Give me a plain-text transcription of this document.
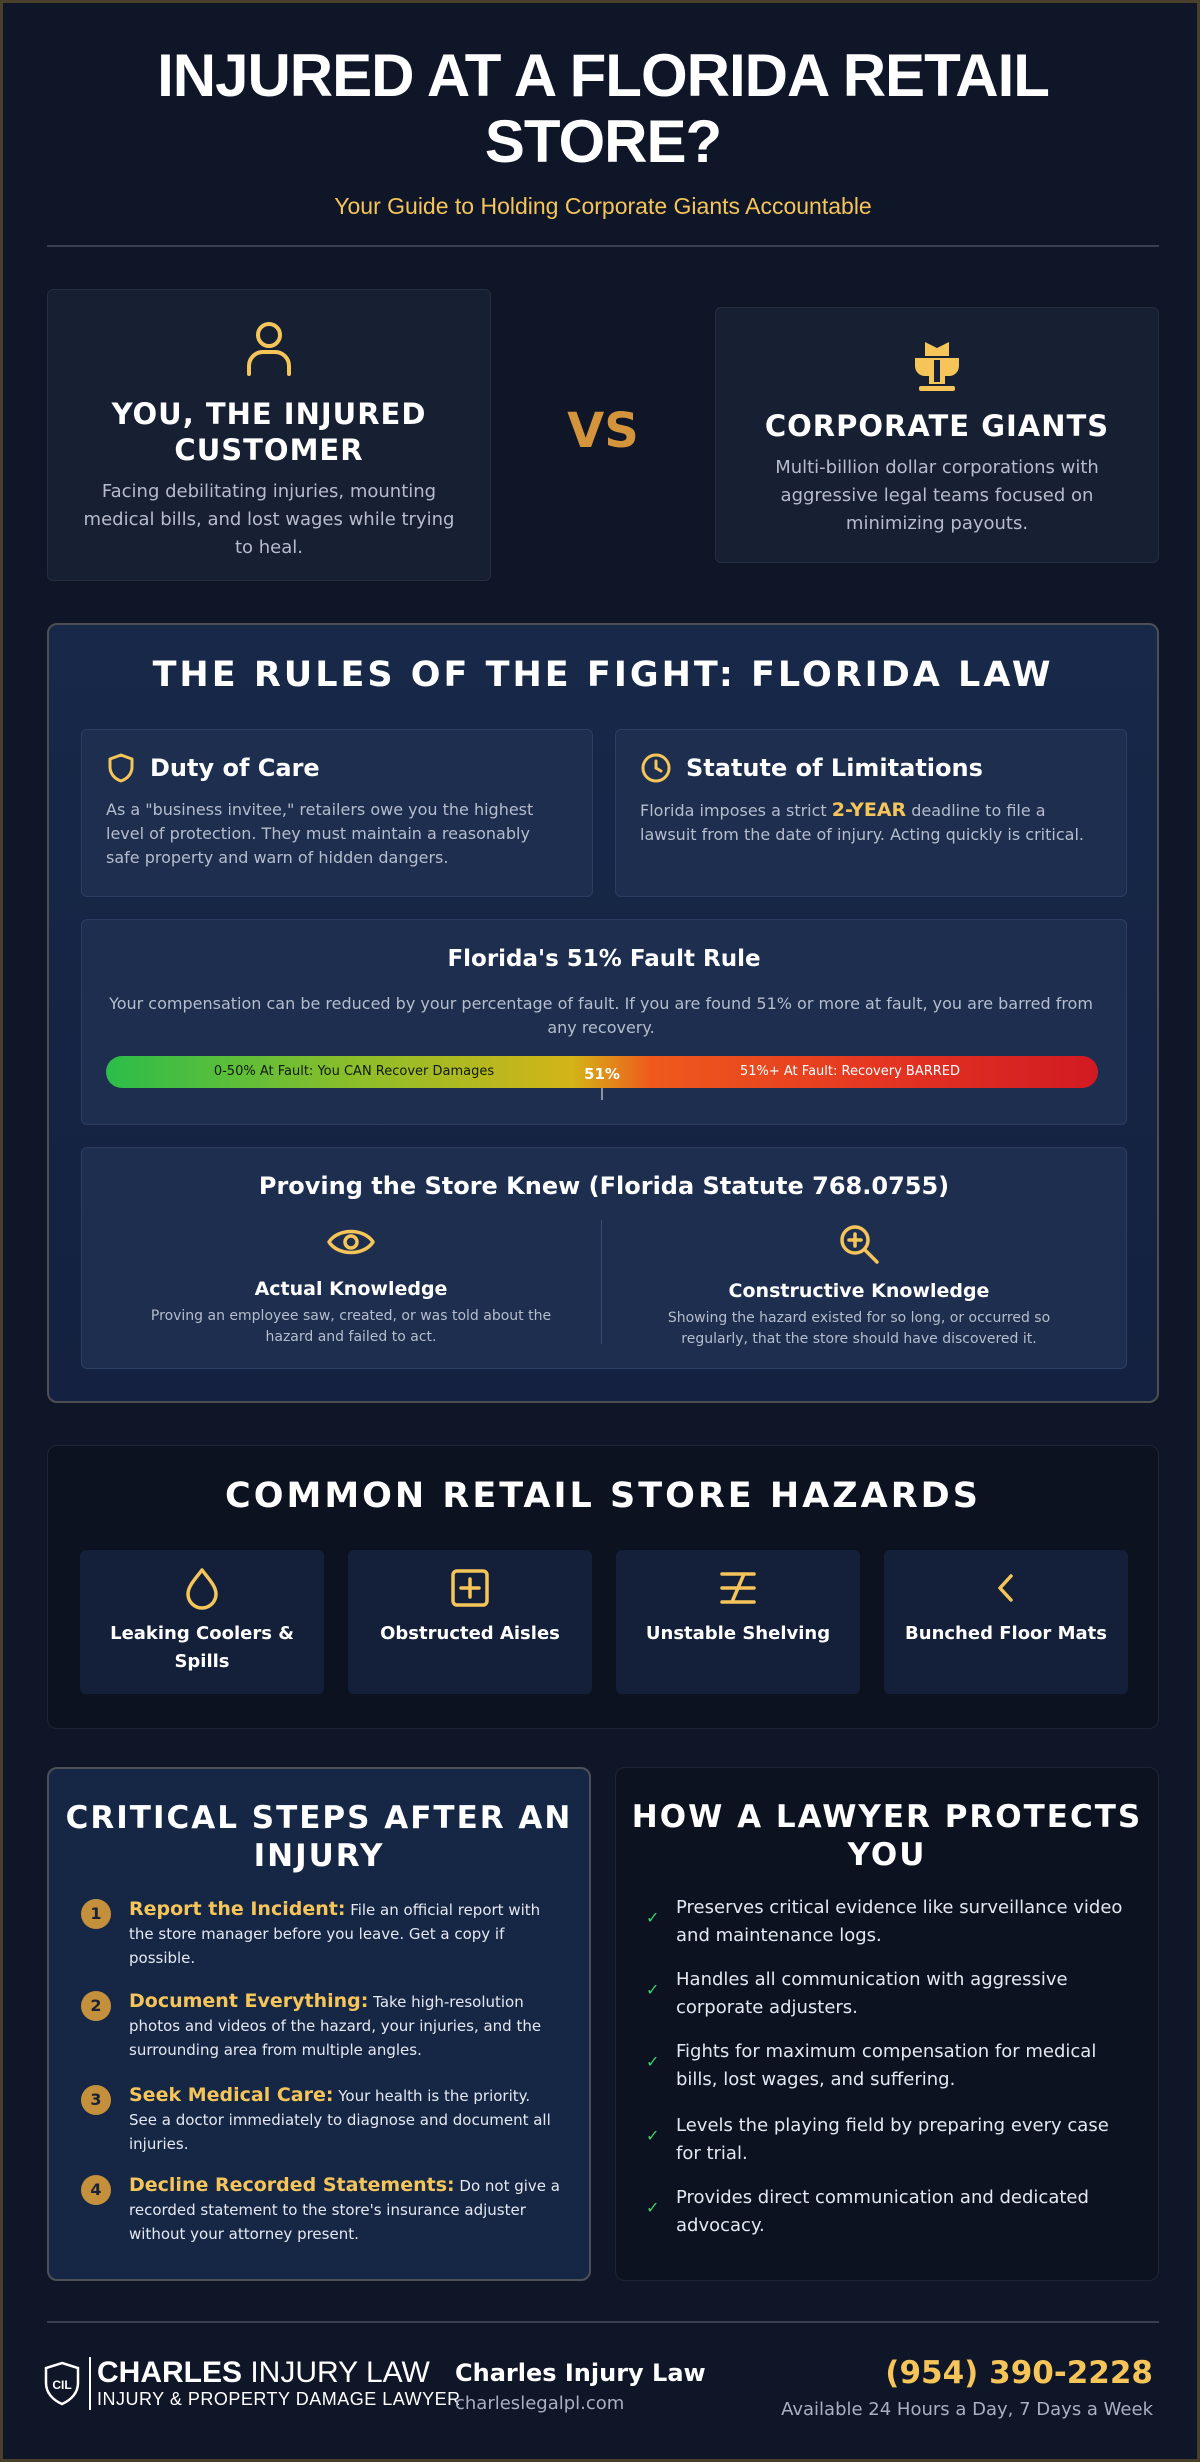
INJURED AT A FLORIDA RETAIL STORE?
Your Guide to Holding Corporate Giants Accountable
YOU, THE INJURED CUSTOMER

Facing debilitating injuries, mounting medical bills, and lost wages while trying to heal.

VS	CORPORATE GIANTS

Multi-billion dollar corporations with aggressive legal teams focused on minimizing payouts.

THE RULES OF THE FIGHT: FLORIDA LAW
Duty of Care
As a "business invitee," retailers owe you the highest level of protection. They must maintain a reasonably safe property and warn of hidden dangers.
Statute of Limitations
Florida imposes a strict 2-YEAR deadline to file a lawsuit from the date of injury. Acting quickly is critical.
Florida's 51% Fault Rule
Your compensation can be reduced by your percentage of fault. If you are found 51% or more at fault, you are barred from any recovery.
0-50% At Fault: You CAN Recover Damages	51%	51%+ At Fault: Recovery BARRED
Proving the Store Knew (Florida Statute 768.0755)
Actual Knowledge

Proving an employee saw, created, or was told about the hazard and failed to act.

Constructive Knowledge

Showing the hazard existed for so long, or occurred so regularly, that the store should have discovered it.

COMMON RETAIL STORE HAZARDS
Leaking Coolers & Spills
Obstructed Aisles	Unstable Shelving	Bunched Floor Mats
CRITICAL STEPS AFTER AN INJURY
1	Report the Incident: File an official report with the store manager before you leave. Get a copy if possible.
2	Document Everything: Take high-resolution photos and videos of the hazard, your injuries, and the surrounding area from multiple angles.
3	Seek Medical Care: Your health is the priority. See a doctor immediately to diagnose and document all injuries.
4	Decline Recorded Statements: Do not give a recorded statement to the store's insurance adjuster without your attorney present.
HOW A LAWYER PROTECTS YOU
✓ Preserves critical evidence like surveillance video and maintenance logs.
✓ Handles all communication with aggressive corporate adjusters.
✓ Fights for maximum compensation for medical bills, lost wages, and suffering.
✓ Levels the playing field by preparing every case for trial.
✓ Provides direct communication and dedicated advocacy.
CIL CHARLES INJURY LAW
INJURY & PROPERTY DAMAGE LAWYER
Charles Injury Law
charleslegalpl.com
(954) 390-2228
Available 24 Hours a Day, 7 Days a Week
